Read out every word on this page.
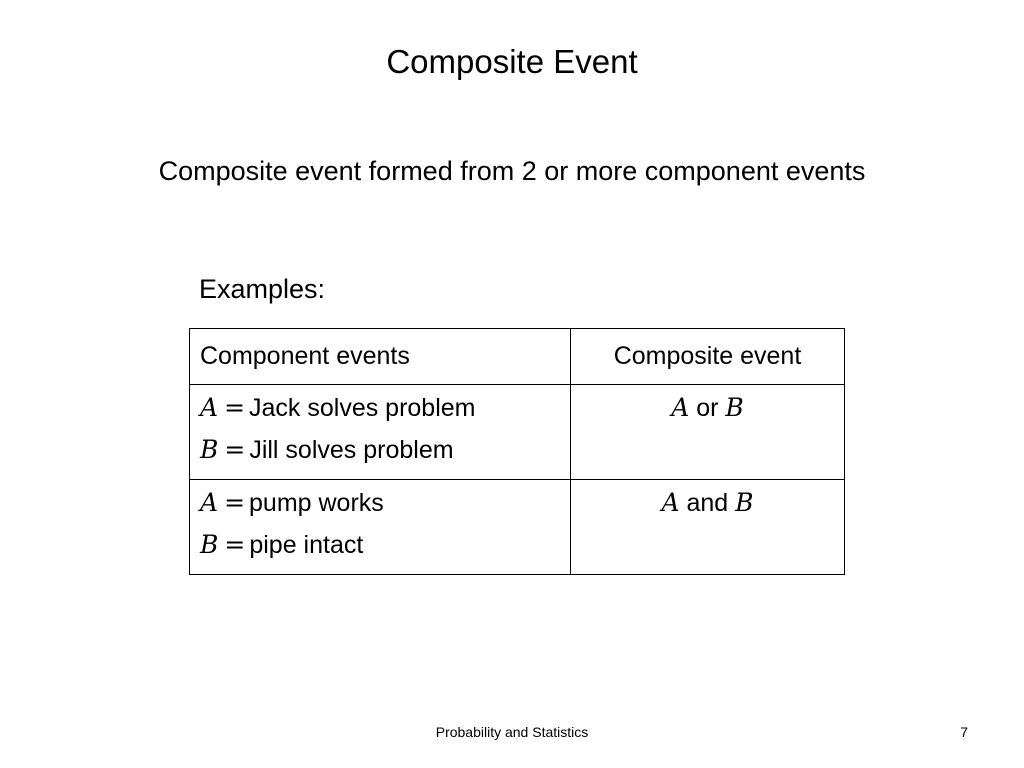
Composite Event
Composite event formed from 2 or more component events
Examples:
Component events	Composite event

A = Jack solves problem
B = Jill solves problem	A or B

A = pump works
B = pipe intact	A and B
Probability and Statistics	7
